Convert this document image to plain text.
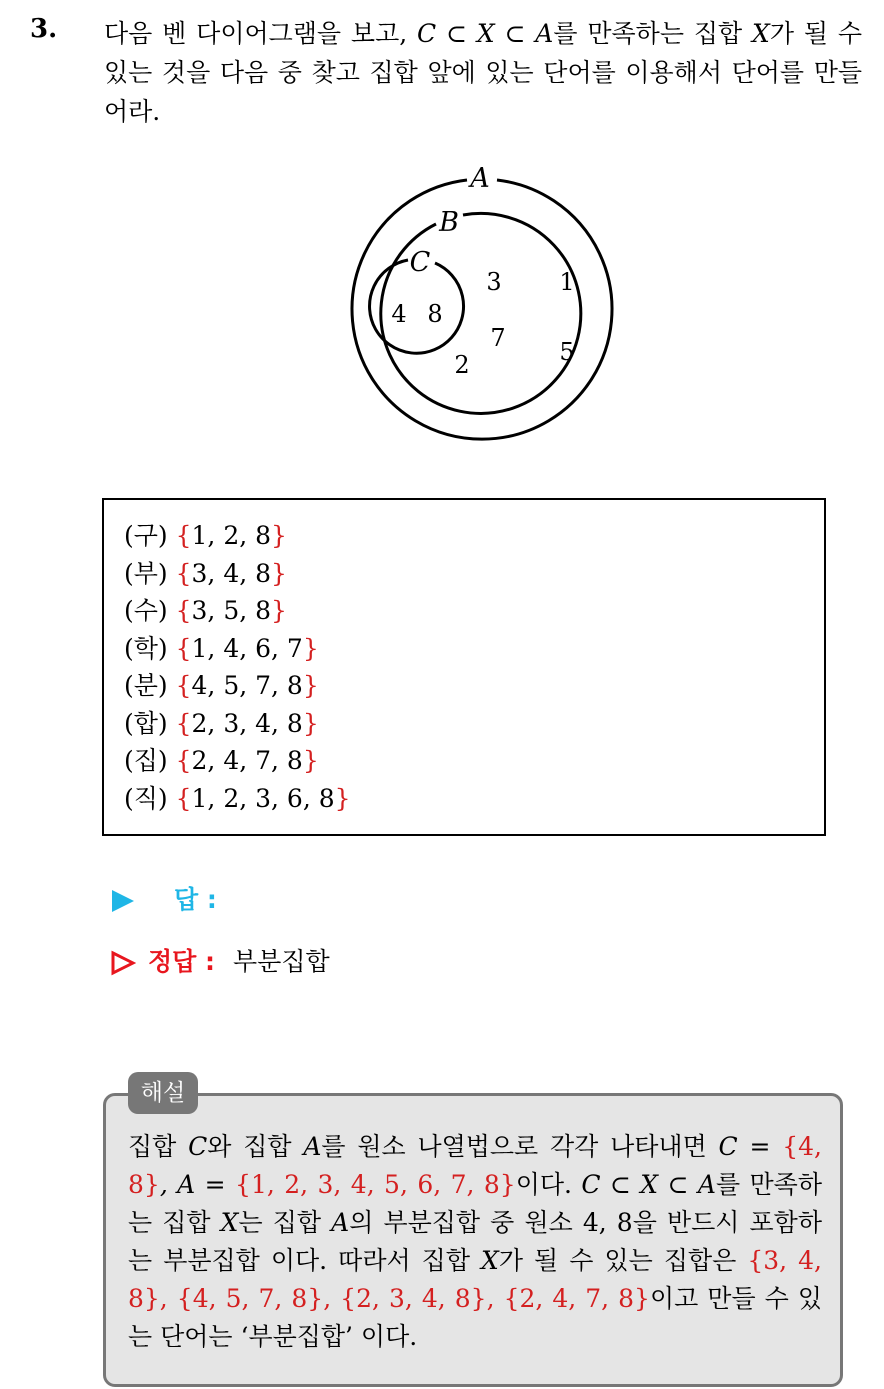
3. 다음 벤 다이어그램을 보고, C ⊂ X ⊂ A를 만족하는 집합 X가 될 수 있는 것을 다음 중 찾고 집합 앞에 있는 단어를 이용해서 단어를 만들어라.
A
B
C
4 8
3
7
2
1
5
(구) {1, 2, 8}
(부) {3, 4, 8}
(수) {3, 5, 8}
(학) {1, 4, 6, 7}
(분) {4, 5, 7, 8}
(합) {2, 3, 4, 8}
(집) {2, 4, 7, 8}
(직) {1, 2, 3, 6, 8}
답 :
정답 : 부분집합
해설
집합 C와 집합 A를 원소 나열법으로 각각 나타내면 C = {4, 8}, A = {1, 2, 3, 4, 5, 6, 7, 8}이다. C ⊂ X ⊂ A를 만족하는 집합 X는 집합 A의 부분집합 중 원소 4, 8을 반드시 포함하는 부분집합 이다. 따라서 집합 X가 될 수 있는 집합은 {3, 4, 8}, {4, 5, 7, 8}, {2, 3, 4, 8}, {2, 4, 7, 8}이고 만들 수 있는 단어는 ‘부분집합’ 이다.
